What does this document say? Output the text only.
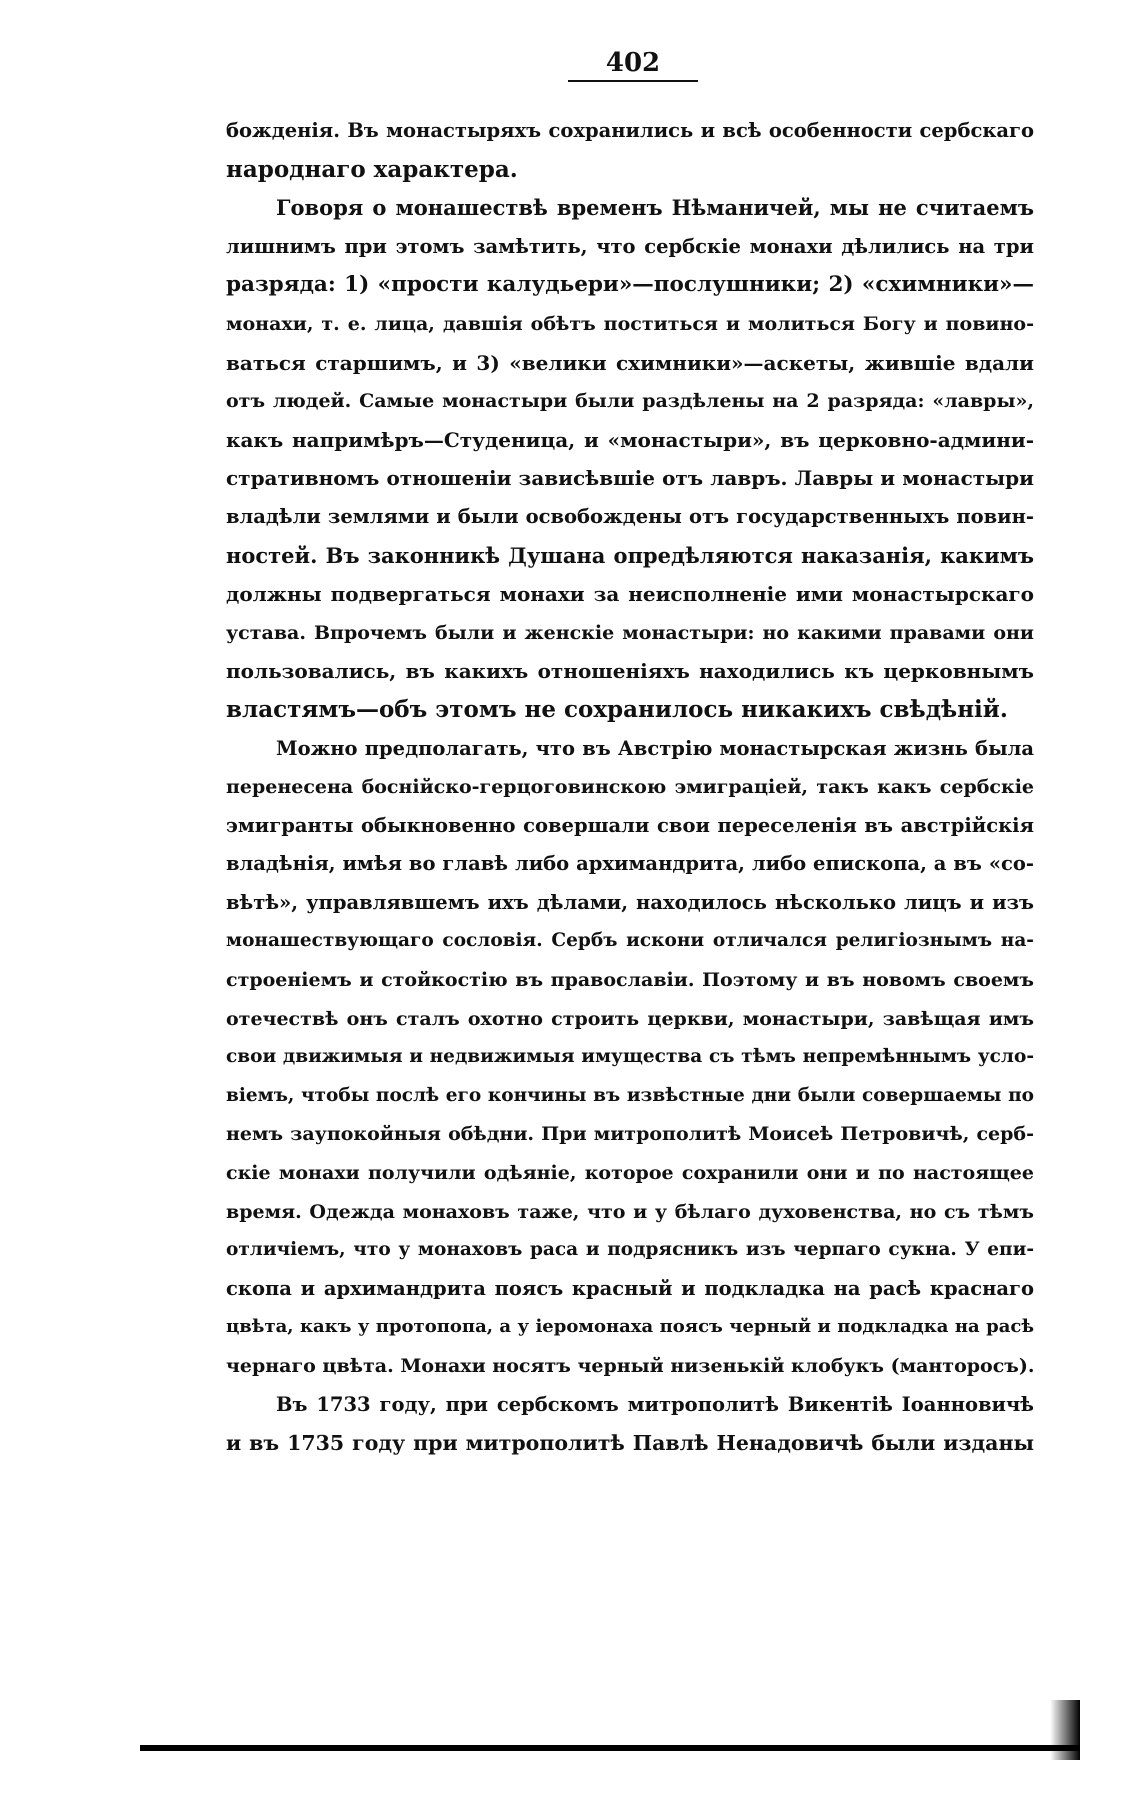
402
божденія. Въ монастыряхъ сохранились и всѣ особенности сербскаго
народнаго характера.
Говоря о монашествѣ временъ Нѣманичей, мы не считаемъ
лишнимъ при этомъ замѣтить, что сербскіе монахи дѣлились на три
разряда: 1) «прости калудьери»—послушники; 2) «схимники»—
монахи, т. е. лица, давшія обѣтъ поститься и молиться Богу и повино-
ваться старшимъ, и 3) «велики схимники»—аскеты, жившіе вдали
отъ людей. Самые монастыри были раздѣлены на 2 разряда: «лавры»,
какъ напримѣръ—Студеница, и «монастыри», въ церковно-админи-
стративномъ отношеніи зависѣвшіе отъ лавръ. Лавры и монастыри
владѣли землями и были освобождены отъ государственныхъ повин-
ностей. Въ законникѣ Душана опредѣляются наказанія, какимъ
должны подвергаться монахи за неисполненіе ими монастырскаго
устава. Впрочемъ были и женскіе монастыри: но какими правами они
пользовались, въ какихъ отношеніяхъ находились къ церковнымъ
властямъ—объ этомъ не сохранилось никакихъ свѣдѣній.
Можно предполагать, что въ Австрію монастырская жизнь была
перенесена боснійско-герцоговинскою эмиграціей, такъ какъ сербскіе
эмигранты обыкновенно совершали свои переселенія въ австрійскія
владѣнія, имѣя во главѣ либо архимандрита, либо епископа, а въ «со-
вѣтѣ», управлявшемъ ихъ дѣлами, находилось нѣсколько лицъ и изъ
монашествующаго сословія. Сербъ искони отличался религіознымъ на-
строеніемъ и стойкостію въ православіи. Поэтому и въ новомъ своемъ
отечествѣ онъ сталъ охотно строить церкви, монастыри, завѣщая имъ
свои движимыя и недвижимыя имущества съ тѣмъ непремѣннымъ усло-
віемъ, чтобы послѣ его кончины въ извѣстные дни были совершаемы по
немъ заупокойныя обѣдни. При митрополитѣ Моисеѣ Петровичѣ, серб-
скіе монахи получили одѣяніе, которое сохранили они и по настоящее
время. Одежда монаховъ таже, что и у бѣлаго духовенства, но съ тѣмъ
отличіемъ, что у монаховъ раса и подрясникъ изъ черпаго сукна. У епи-
скопа и архимандрита поясъ красный и подкладка на расѣ краснаго
цвѣта, какъ у протопопа, а у іеромонаха поясъ черный и подкладка на расѣ
чернаго цвѣта. Монахи носятъ черный низенькій клобукъ (манторосъ).
Въ 1733 году, при сербскомъ митрополитѣ Викентіѣ Іоанновичѣ
и въ 1735 году при митрополитѣ Павлѣ Ненадовичѣ были изданы
